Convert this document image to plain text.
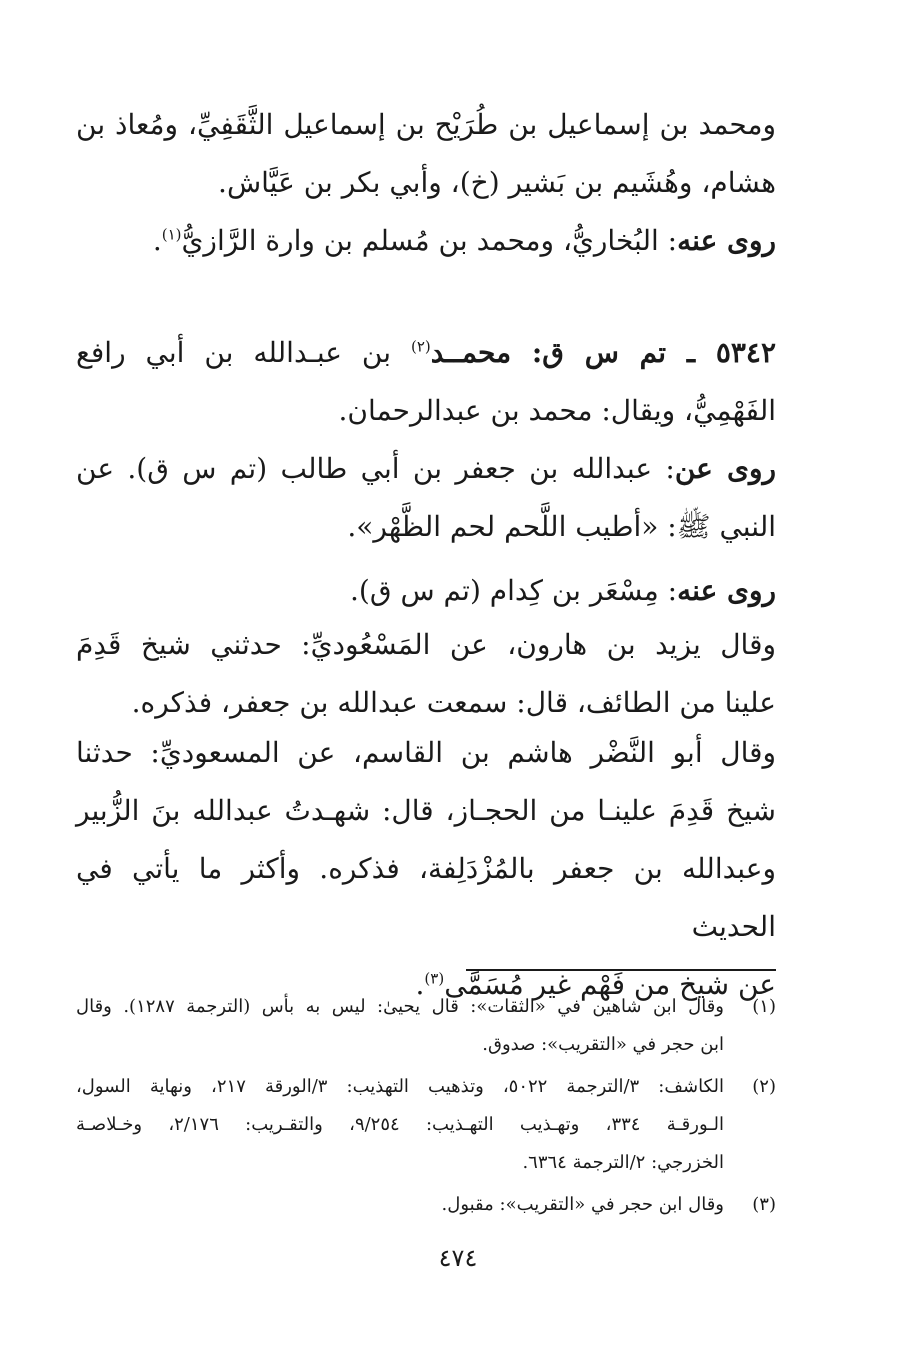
ومحمد بن إسماعيل بن طُرَيْح بن إسماعيل الثَّقَفِيِّ، ومُعاذ بن
هشام، وهُشَيم بن بَشير (خ)، وأبي بكر بن عَيَّاش.
روى عنه: البُخاريُّ، ومحمد بن مُسلم بن وارة الرَّازيُّ$^{(١)}$.
٥٣٤٢ ـ تم س ق: محمــد$^{(٢)}$ بن عبـدالله بن أبي رافع
الفَهْمِيُّ، ويقال: محمد بن عبدالرحمان.
روى عن: عبدالله بن جعفر بن أبي طالب (تم س ق). عن
النبي ﷺ: «أطيب اللَّحم لحم الظَّهْر».
روى عنه: مِسْعَر بن كِدام (تم س ق).
وقال يزيد بن هارون، عن المَسْعُوديِّ: حدثني شيخ قَدِمَ
علينا من الطائف، قال: سمعت عبدالله بن جعفر، فذكره.
وقال أبو النَّضْر هاشم بن القاسم، عن المسعوديِّ: حدثنا
شيخ قَدِمَ علينـا من الحجـاز، قال: شهـدتُ عبدالله بنَ الزُّبير
وعبدالله بن جعفر بالمُزْدَلِفة، فذكره. وأكثر ما يأتي في الحديث
عن شيخ من فَهْم غير مُسَمَّى$^{(٣)}$.
(١)
وقال ابن شاهين في «الثقات»: قال يحيىٰ: ليس به بأس (الترجمة ١٢٨٧). وقال
ابن حجر في «التقريب»: صدوق.
(٢)
الكاشف: ٣/الترجمة ٥٠٢٢، وتذهيب التهذيب: ٣/الورقة ٢١٧، ونهاية السول،
الـورقـة ٣٣٤، وتهـذيب التهـذيب: ٩/٢٥٤، والتقـريب: ٢/١٧٦، وخـلاصـة
الخزرجي: ٢/الترجمة ٦٣٦٤.
(٣)
وقال ابن حجر في «التقريب»: مقبول.
٤٧٤
